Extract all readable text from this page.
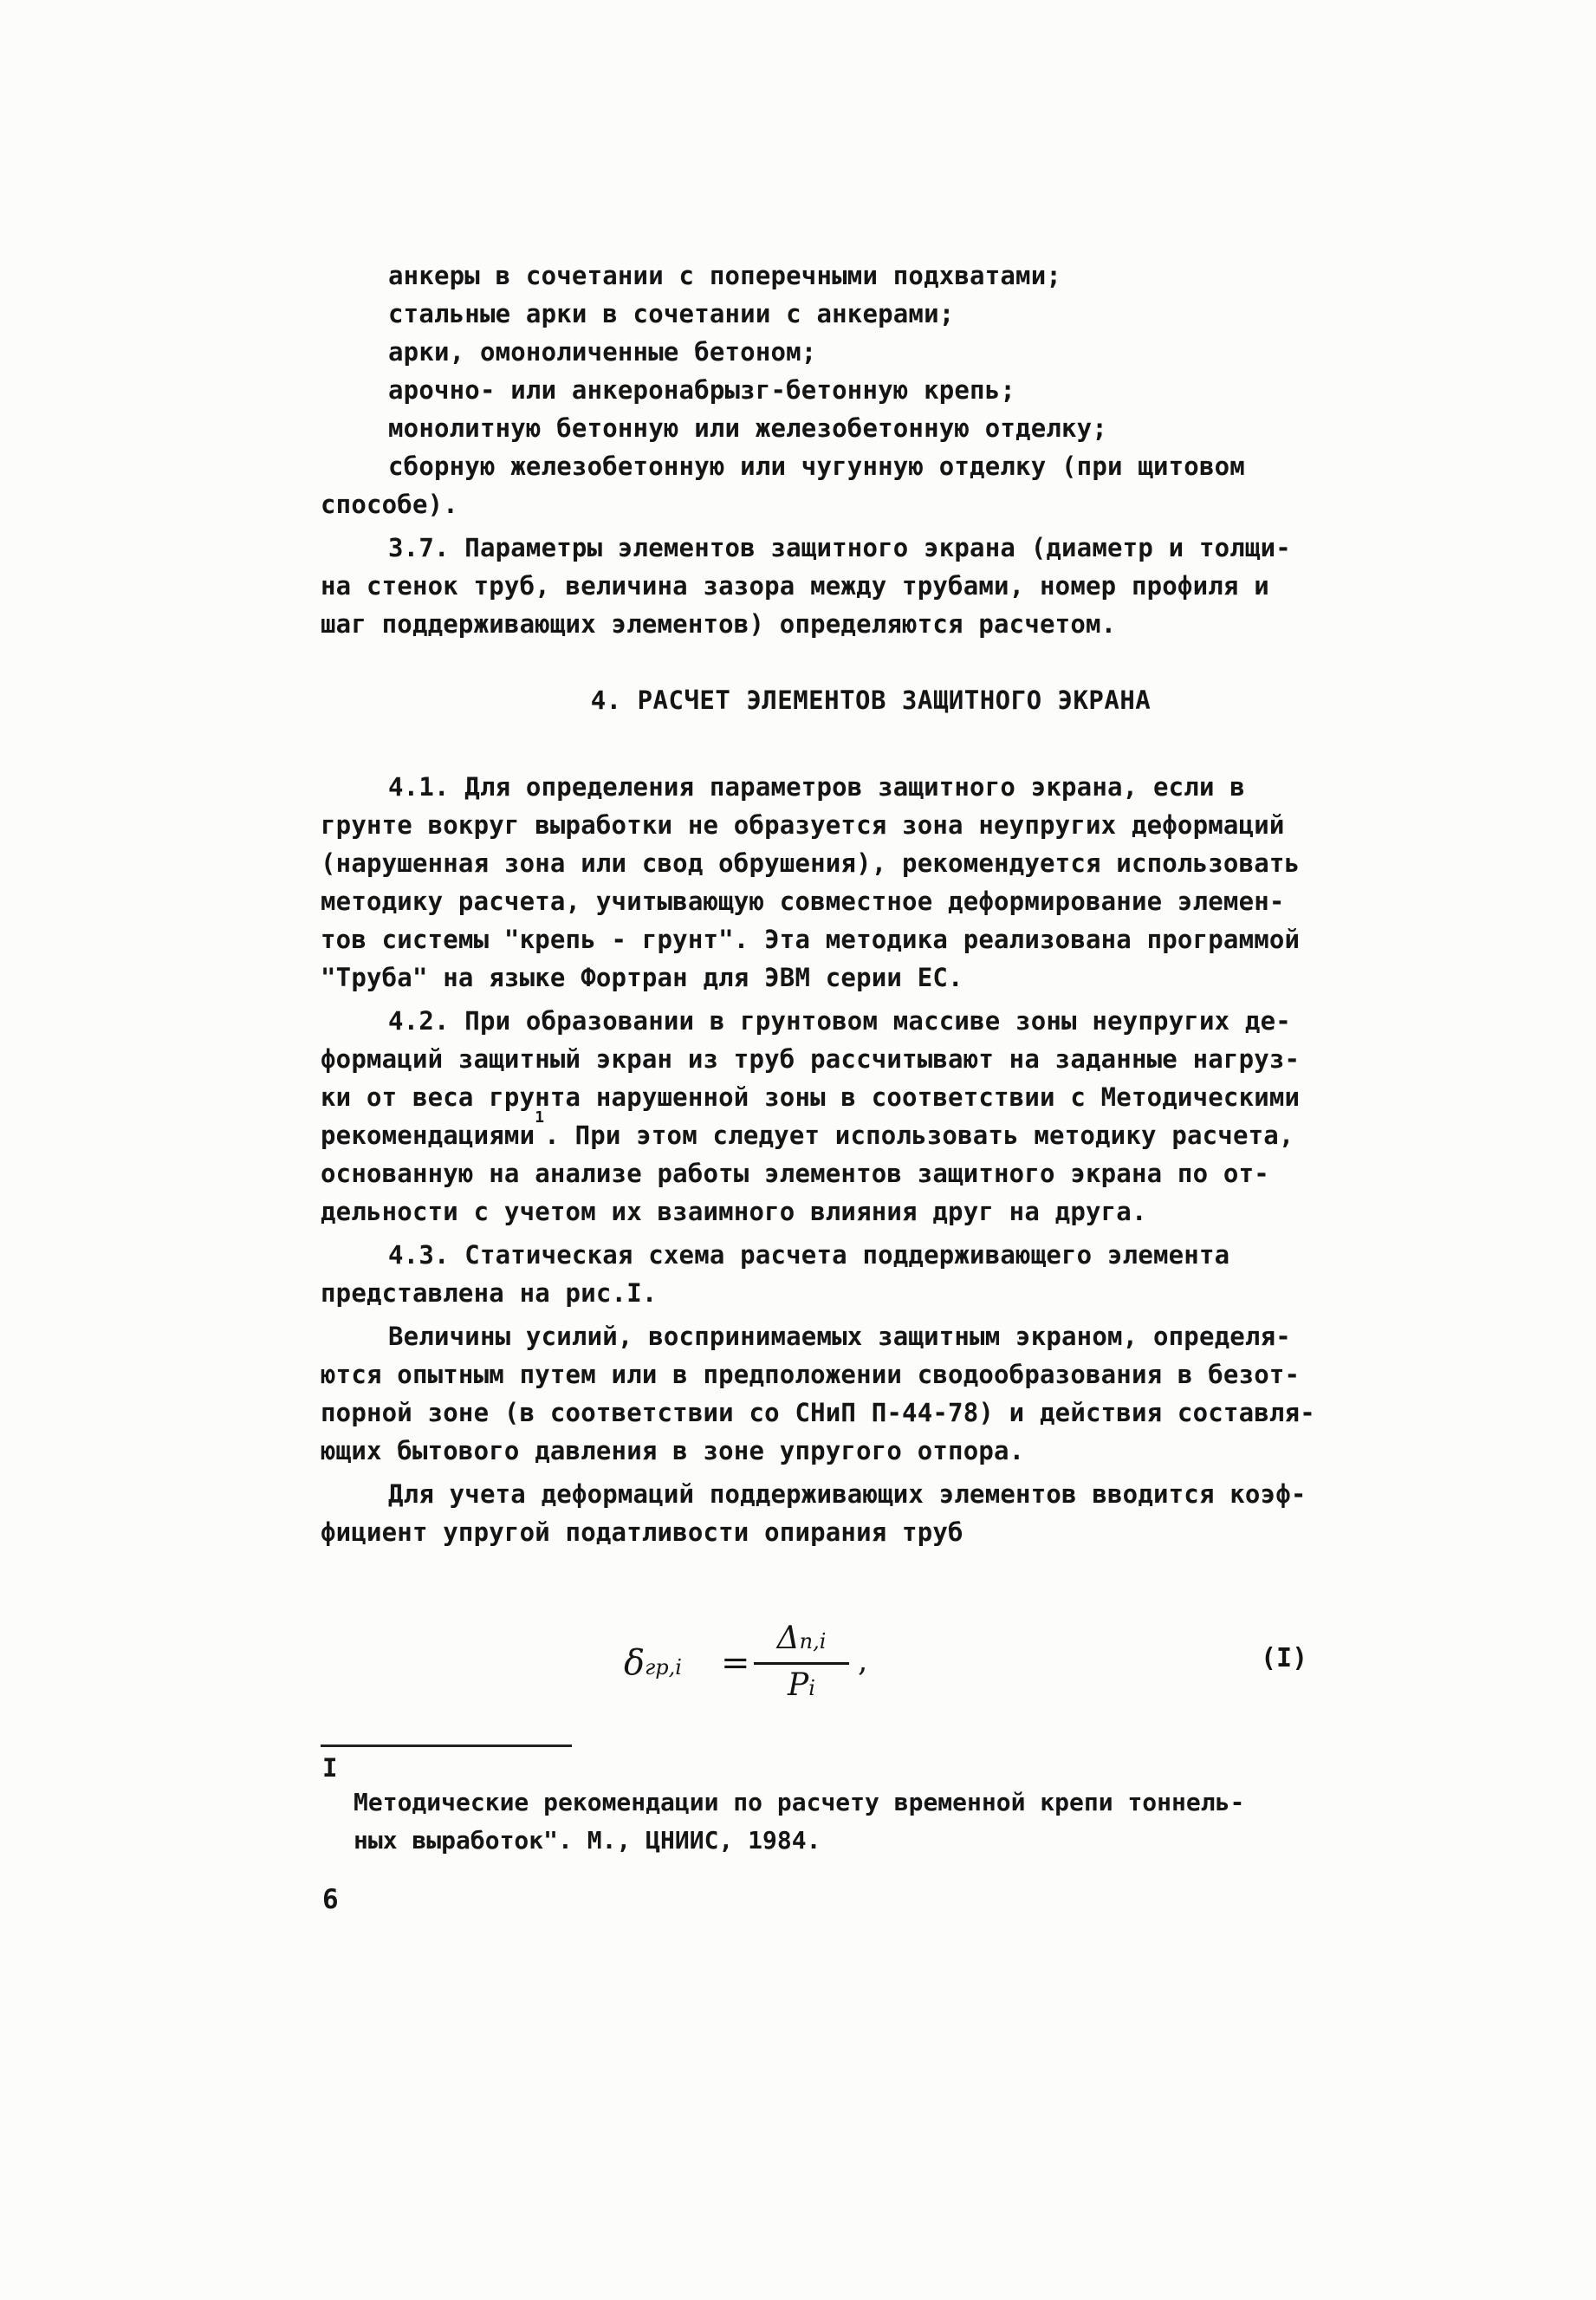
анкеры в сочетании с поперечными подхватами;
стальные арки в сочетании с анкерами;
арки, омоноличенные бетоном;
арочно- или анкеронабрызг-бетонную крепь;
монолитную бетонную или железобетонную отделку;
сборную железобетонную или чугунную отделку (при щитовом
способе).
3.7. Параметры элементов защитного экрана (диаметр и толщи-
на стенок труб, величина зазора между трубами, номер профиля и
шаг поддерживающих элементов) определяются расчетом.
4. РАСЧЕТ ЭЛЕМЕНТОВ ЗАЩИТНОГО ЭКРАНА
4.1. Для определения параметров защитного экрана, если в
грунте вокруг выработки не образуется зона неупругих деформаций
(нарушенная зона или свод обрушения), рекомендуется использовать
методику расчета, учитывающую совместное деформирование элемен-
тов системы "крепь - грунт". Эта методика реализована программой
"Труба" на языке Фортран для ЭВМ серии ЕС.
4.2. При образовании в грунтовом массиве зоны неупругих де-
формаций защитный экран из труб рассчитывают на заданные нагруз-
ки от веса грунта нарушенной зоны в соответствии с Методическими
рекомендациями
1
. При этом следует использовать методику расчета,
основанную на анализе работы элементов защитного экрана по от-
дельности с учетом их взаимного влияния друг на друга.
4.3. Статическая схема расчета поддерживающего элемента
представлена на рис.I.
Величины усилий, воспринимаемых защитным экраном, определя-
ются опытным путем или в предположении сводообразования в безот-
порной зоне (в соответствии со СНиП П-44-78) и действия составля-
ющих бытового давления в зоне упругого отпора.
Для учета деформаций поддерживающих элементов вводится коэф-
фициент упругой податливости опирания труб
δгр,i =
Δп,i
Pi
,	(I)
I
Методические рекомендации по расчету временной крепи тоннель-
ных выработок". М., ЦНИИС, 1984.
6
